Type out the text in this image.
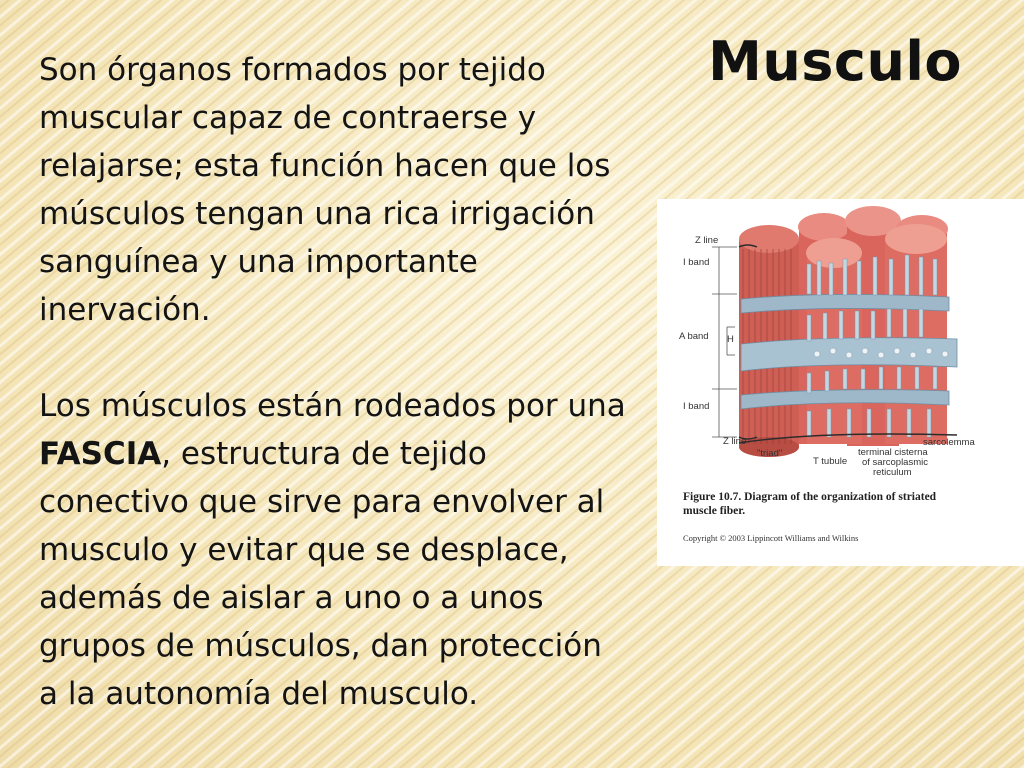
Musculo

Son órganos formados por tejido muscular capaz de contraerse y relajarse; esta función hacen que los músculos tengan una rica irrigación sanguínea y una importante inervación.

Los músculos están rodeados por una FASCIA, estructura de tejido conectivo que sirve para envolver al musculo y evitar que se desplace, además de aislar a uno o a unos grupos de músculos, dan protección a la autonomía del musculo.

Z line
I band
A band H
I band
Z line
"triad"
T tubule
terminal cisterna
of sarcoplasmic
reticulum
sarcolemma
Figure 10.7. Diagram of the organization of striated
muscle fiber.
Copyright © 2003 Lippincott Williams and Wilkins
